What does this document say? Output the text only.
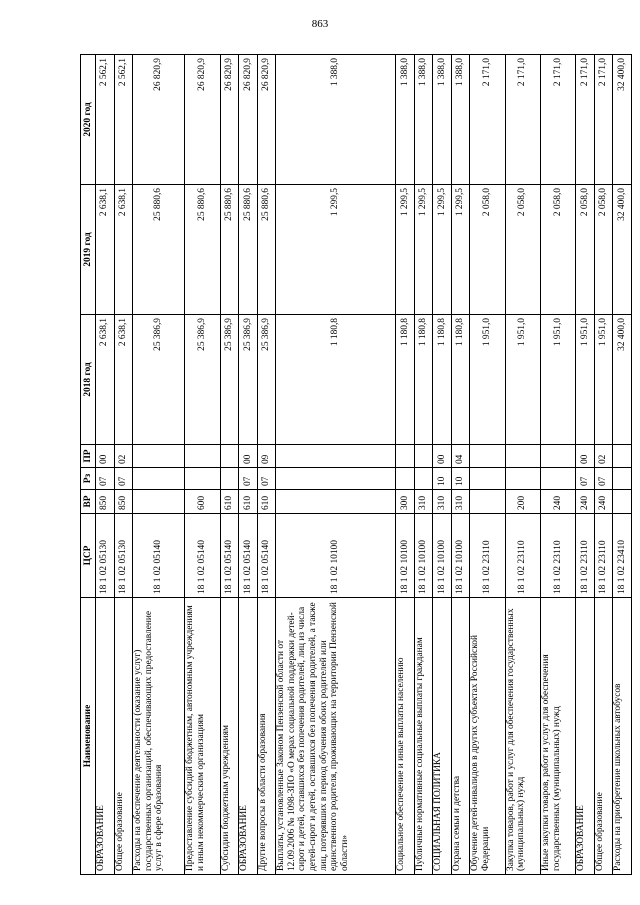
863
Наименование	ЦСР	ВР	Рз	ПР	2018 год	2019 год	2020 год
ОБРАЗОВАНИЕ	18 1 02 05130	850	07	00	2 638,1	2 638,1	2 562,1
Общее образование	18 1 02 05130	850	07	02	2 638,1	2 638,1	2 562,1
Расходы на обеспечение деятельности (оказание услуг) государственных организаций, обеспечивающих предоставление услуг в сфере образования	18 1 02 05140				25 386,9	25 880,6	26 820,9
Предоставление субсидий бюджетным, автономным учреждениям и иным некоммерческим организациям	18 1 02 05140	600			25 386,9	25 880,6	26 820,9
Субсидии бюджетным учреждениям	18 1 02 05140	610			25 386,9	25 880,6	26 820,9
ОБРАЗОВАНИЕ	18 1 02 05140	610	07	00	25 386,9	25 880,6	26 820,9
Другие вопросы в области образования	18 1 02 05140	610	07	09	25 386,9	25 880,6	26 820,9
Выплаты, установленные Законом Пензенской области от 12.09.2006 № 1098-ЗПО «О мерах социальной поддержки детей-сирот и детей, оставшихся без попечения родителей, лиц из числа детей-сирот и детей, оставшихся без попечения родителей, а также лиц, потерявших в период обучения обоих родителей или единственного родителя, проживающих на территории Пензенской области»	18 1 02 10100				1 180,8	1 299,5	1 388,0
Социальное обеспечение и иные выплаты населению	18 1 02 10100	300			1 180,8	1 299,5	1 388,0
Публичные нормативные социальные выплаты гражданам	18 1 02 10100	310			1 180,8	1 299,5	1 388,0
СОЦИАЛЬНАЯ ПОЛИТИКА	18 1 02 10100	310	10	00	1 180,8	1 299,5	1 388,0
Охрана семьи и детства	18 1 02 10100	310	10	04	1 180,8	1 299,5	1 388,0
Обучение детей-инвалидов в других субъектах Российской Федерации	18 1 02 23110				1 951,0	2 058,0	2 171,0
Закупка товаров, работ и услуг для обеспечения государственных (муниципальных) нужд	18 1 02 23110	200			1 951,0	2 058,0	2 171,0
Иные закупки товаров, работ и услуг для обеспечения государственных (муниципальных) нужд	18 1 02 23110	240			1 951,0	2 058,0	2 171,0
ОБРАЗОВАНИЕ	18 1 02 23110	240	07	00	1 951,0	2 058,0	2 171,0
Общее образование	18 1 02 23110	240	07	02	1 951,0	2 058,0	2 171,0
Расходы на приобретение школьных автобусов	18 1 02 23410				32 400,0	32 400,0	32 400,0
